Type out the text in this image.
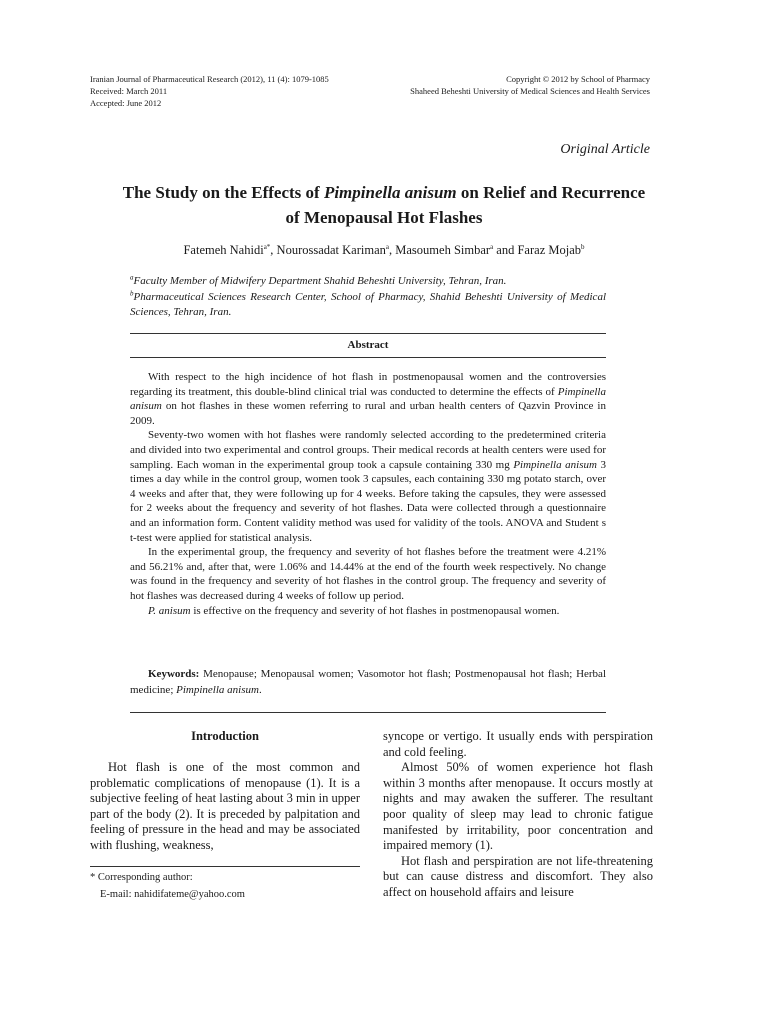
Iranian Journal of Pharmaceutical Research (2012), 11 (4): 1079-1085
Received: March 2011
Accepted: June 2012
Copyright © 2012 by School of Pharmacy
Shaheed Beheshti University of Medical Sciences and Health Services
Original Article
The Study on the Effects of Pimpinella anisum on Relief and Recurrence of Menopausal Hot Flashes
Fatemeh Nahidi$^{a*}$, Nourossadat Kariman$^a$, Masoumeh Simbar$^a$ and Faraz Mojab$^b$

$^a$Faculty Member of Midwifery Department Shahid Beheshti University, Tehran, Iran.

$^b$Pharmaceutical Sciences Research Center, School of Pharmacy, Shahid Beheshti University of Medical Sciences, Tehran, Iran.

Abstract

With respect to the high incidence of hot flash in postmenopausal women and the controversies regarding its treatment, this double-blind clinical trial was conducted to determine the effects of Pimpinella anisum on hot flashes in these women referring to rural and urban health centers of Qazvin Province in 2009.

Seventy-two women with hot flashes were randomly selected according to the predetermined criteria and divided into two experimental and control groups. Their medical records at health centers were used for sampling. Each woman in the experimental group took a capsule containing 330 mg Pimpinella anisum 3 times a day while in the control group, women took 3 capsules, each containing 330 mg potato starch, over 4 weeks and after that, they were following up for 4 weeks. Before taking the capsules, they were assessed for 2 weeks about the frequency and severity of hot flashes. Data were collected through a questionnaire and an information form. Content validity method was used for validity of the tools. ANOVA and Student s t-test were applied for statistical analysis.

In the experimental group, the frequency and severity of hot flashes before the treatment were 4.21% and 56.21% and, after that, were 1.06% and 14.44% at the end of the fourth week respectively. No change was found in the frequency and severity of hot flashes in the control group. The frequency and severity of hot flashes was decreased during 4 weeks of follow up period.

P. anisum is effective on the frequency and severity of hot flashes in postmenopausal women.

Keywords: Menopause; Menopausal women; Vasomotor hot flash; Postmenopausal hot flash; Herbal medicine; Pimpinella anisum.
Introduction

Hot flash is one of the most common and problematic complications of menopause (1). It is a subjective feeling of heat lasting about 3 min in upper part of the body (2). It is preceded by palpitation and feeling of pressure in the head and may be associated with flushing, weakness,

syncope or vertigo. It usually ends with perspiration and cold feeling.

Almost 50% of women experience hot flash within 3 months after menopause. It occurs mostly at nights and may awaken the sufferer. The resultant poor quality of sleep may lead to chronic fatigue manifested by irritability, poor concentration and impaired memory (1).

Hot flash and perspiration are not life-threatening but can cause distress and discomfort. They also affect on household affairs and leisure

* Corresponding author:
E-mail: nahidifateme@yahoo.com
